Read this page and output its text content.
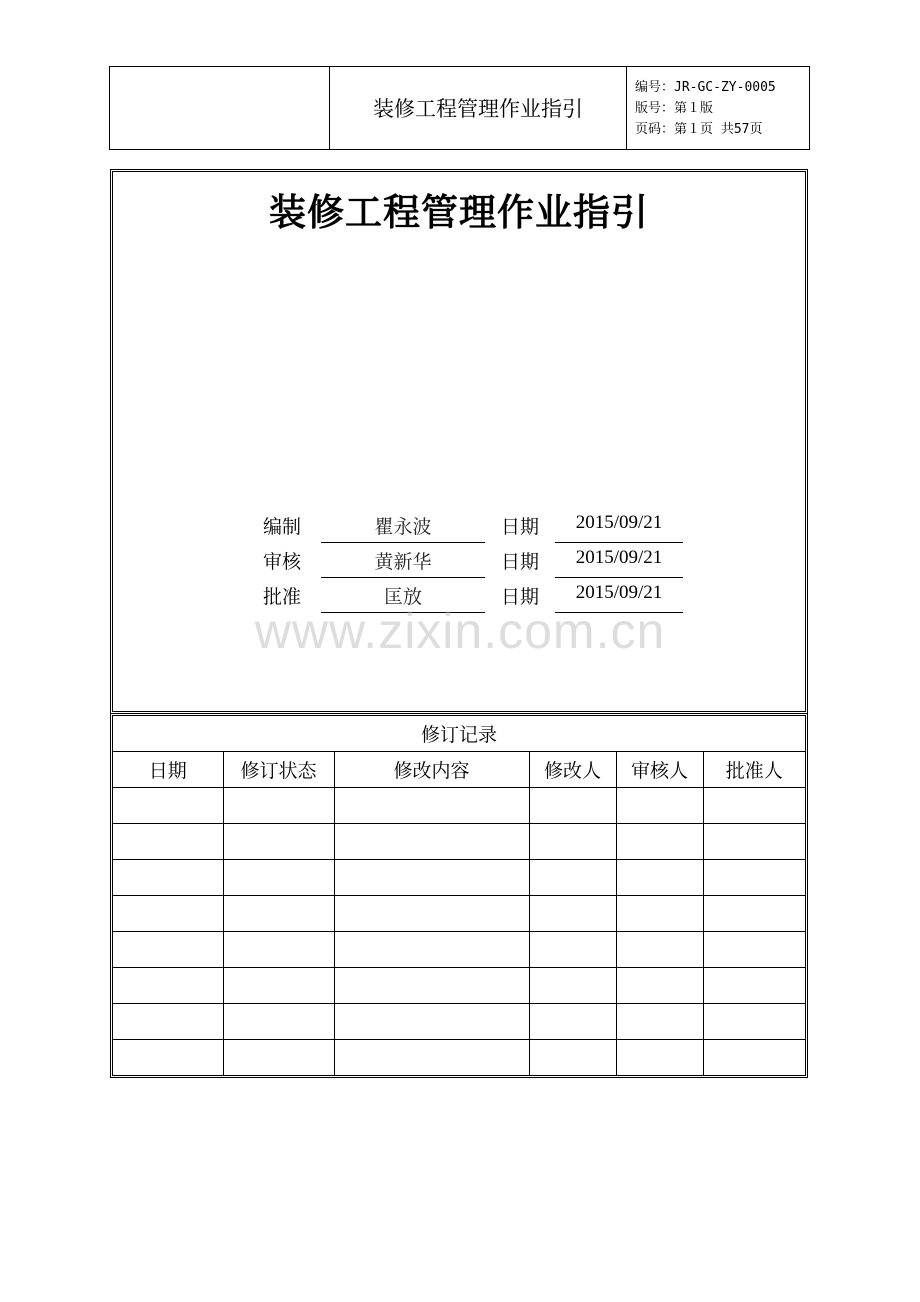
装修工程管理作业指引
编号：JR-GC-ZY-0005
版号：第１版
页码：第１页 共57页
装修工程管理作业指引
编制	瞿永波	日期	2015/09/21
审核	黄新华	日期	2015/09/21
批准	匡放	日期	2015/09/21
www.zixin.com.cn
修订记录					
日期	修订状态	修改内容	修改人	审核人	批准人
